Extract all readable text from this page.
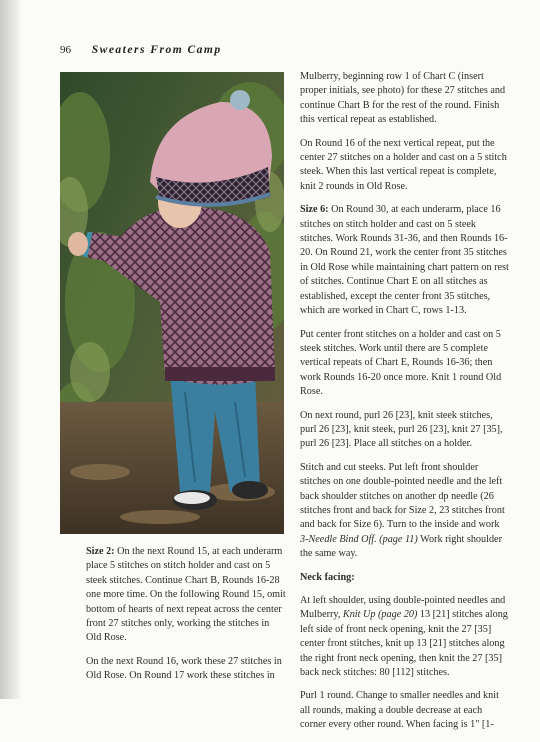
96 Sweaters From Camp

Size 2: On the next Round 15, at each underarm place 5 stitches on stitch holder and cast on 5 steek stitches. Continue Chart B, Rounds 16-28 one more time. On the following Round 15, omit bottom of hearts of next repeat across the center front 27 stitches only, working the stitches in Old Rose.

On the next Round 16, work these 27 stitches in Old Rose. On Round 17 work these stitches in

Mulberry, beginning row 1 of Chart C (insert proper initials, see photo) for these 27 stitches and continue Chart B for the rest of the round. Finish this vertical repeat as established.

On Round 16 of the next vertical repeat, put the center 27 stitches on a holder and cast on a 5 stitch steek. When this last vertical repeat is complete, knit 2 rounds in Old Rose.

Size 6: On Round 30, at each underarm, place 16 stitches on stitch holder and cast on 5 steek stitches. Work Rounds 31-36, and then Rounds 16-20. On Round 21, work the center front 35 stitches in Old Rose while maintaining chart pattern on rest of stitches. Continue Chart E on all stitches as established, except the center front 35 stitches, which are worked in Chart C, rows 1-13.

Put center front stitches on a holder and cast on 5 steek stitches. Work until there are 5 complete vertical repeats of Chart E, Rounds 16-36; then work Rounds 16-20 once more. Knit 1 round Old Rose.

On next round, purl 26 [23], knit steek stitches, purl 26 [23], knit steek, purl 26 [23], knit 27 [35], purl 26 [23]. Place all stitches on a holder.

Stitch and cut steeks. Put left front shoulder stitches on one double-pointed needle and the left back shoulder stitches on another dp needle (26 stitches front and back for Size 2, 23 stitches front and back for Size 6). Turn to the inside and work 3-Needle Bind Off. (page 11) Work right shoulder the same way.

Neck facing:

At left shoulder, using double-pointed needles and Mulberry, Knit Up (page 20) 13 [21] stitches along left side of front neck opening, knit the 27 [35] center front stitches, knit up 13 [21] stitches along the right front neck opening, then knit the 27 [35] back neck stitches: 80 [112] stitches.

Purl 1 round. Change to smaller needles and knit all rounds, making a double decrease at each corner every other round. When facing is 1" [1-
